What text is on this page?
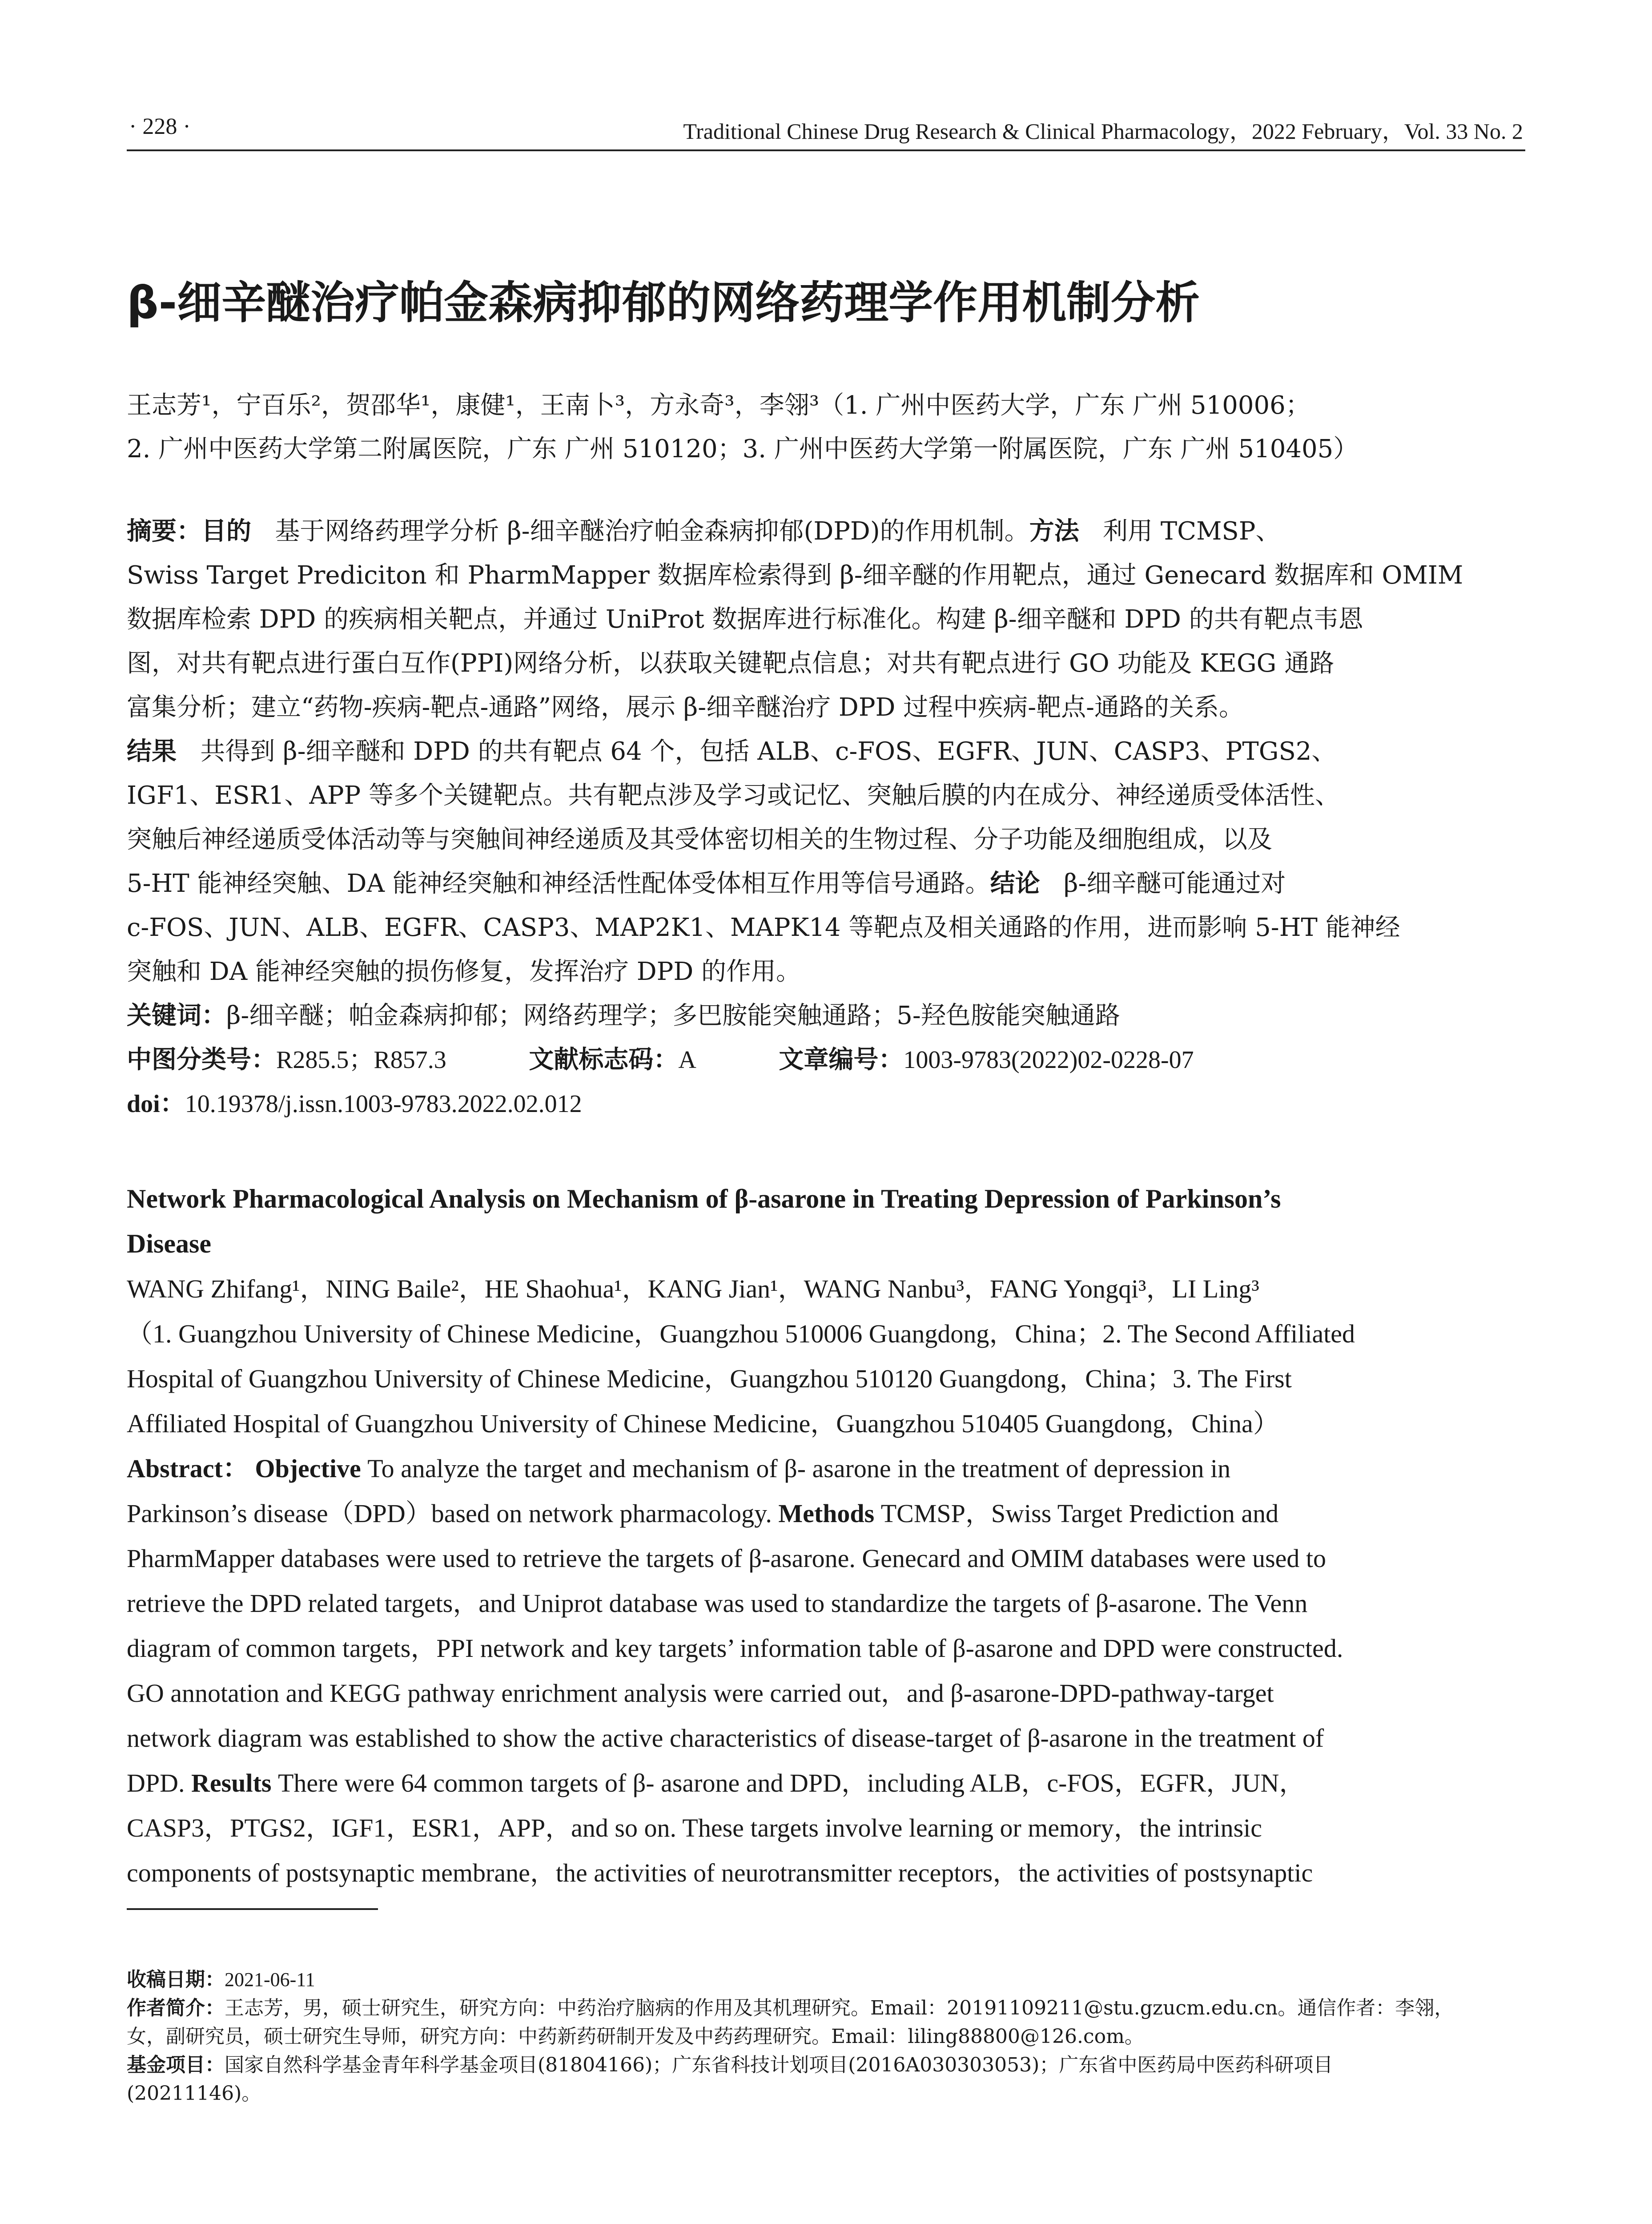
· 228 ·	Traditional Chinese Drug Research & Clinical Pharmacology，2022 February，Vol. 33 No. 2
β-细辛醚治疗帕金森病抑郁的网络药理学作用机制分析
王志芳¹，宁百乐²，贺邵华¹，康健¹，王南卜³，方永奇³，李翎³（1. 广州中医药大学，广东 广州 510006；
2. 广州中医药大学第二附属医院，广东 广州 510120；3. 广州中医药大学第一附属医院，广东 广州 510405）
摘要：目的 基于网络药理学分析 β-细辛醚治疗帕金森病抑郁(DPD)的作用机制。方法 利用 TCMSP、
Swiss Target Prediciton 和 PharmMapper 数据库检索得到 β-细辛醚的作用靶点，通过 Genecard 数据库和 OMIM
数据库检索 DPD 的疾病相关靶点，并通过 UniProt 数据库进行标准化。构建 β-细辛醚和 DPD 的共有靶点韦恩
图，对共有靶点进行蛋白互作(PPI)网络分析，以获取关键靶点信息；对共有靶点进行 GO 功能及 KEGG 通路
富集分析；建立“药物-疾病-靶点-通路”网络，展示 β-细辛醚治疗 DPD 过程中疾病-靶点-通路的关系。
结果 共得到 β-细辛醚和 DPD 的共有靶点 64 个，包括 ALB、c-FOS、EGFR、JUN、CASP3、PTGS2、
IGF1、ESR1、APP 等多个关键靶点。共有靶点涉及学习或记忆、突触后膜的内在成分、神经递质受体活性、
突触后神经递质受体活动等与突触间神经递质及其受体密切相关的生物过程、分子功能及细胞组成，以及
5-HT 能神经突触、DA 能神经突触和神经活性配体受体相互作用等信号通路。结论 β-细辛醚可能通过对
c-FOS、JUN、ALB、EGFR、CASP3、MAP2K1、MAPK14 等靶点及相关通路的作用，进而影响 5-HT 能神经
突触和 DA 能神经突触的损伤修复，发挥治疗 DPD 的作用。
关键词：β-细辛醚；帕金森病抑郁；网络药理学；多巴胺能突触通路；5-羟色胺能突触通路
中图分类号：R285.5；R857.3	文献标志码：A	文章编号：1003-9783(2022)02-0228-07
doi：10.19378/j.issn.1003-9783.2022.02.012
Network Pharmacological Analysis on Mechanism of β-asarone in Treating Depression of Parkinson’s
Disease
WANG Zhifang¹，NING Baile²，HE Shaohua¹，KANG Jian¹，WANG Nanbu³，FANG Yongqi³，LI Ling³
（1. Guangzhou University of Chinese Medicine，Guangzhou 510006 Guangdong，China；2. The Second Affiliated
Hospital of Guangzhou University of Chinese Medicine，Guangzhou 510120 Guangdong，China；3. The First
Affiliated Hospital of Guangzhou University of Chinese Medicine，Guangzhou 510405 Guangdong，China）
Abstract： Objective To analyze the target and mechanism of β- asarone in the treatment of depression in
Parkinson’s disease（DPD）based on network pharmacology. Methods TCMSP，Swiss Target Prediction and
PharmMapper databases were used to retrieve the targets of β-asarone. Genecard and OMIM databases were used to
retrieve the DPD related targets，and Uniprot database was used to standardize the targets of β-asarone. The Venn
diagram of common targets，PPI network and key targets’ information table of β-asarone and DPD were constructed.
GO annotation and KEGG pathway enrichment analysis were carried out，and β-asarone-DPD-pathway-target
network diagram was established to show the active characteristics of disease-target of β-asarone in the treatment of
DPD. Results There were 64 common targets of β- asarone and DPD，including ALB，c-FOS，EGFR，JUN，
CASP3，PTGS2，IGF1，ESR1，APP，and so on. These targets involve learning or memory，the intrinsic
components of postsynaptic membrane，the activities of neurotransmitter receptors，the activities of postsynaptic
收稿日期：2021-06-11
作者简介：王志芳，男，硕士研究生，研究方向：中药治疗脑病的作用及其机理研究。Email：20191109211@stu.gzucm.edu.cn。通信作者：李翎，
女，副研究员，硕士研究生导师，研究方向：中药新药研制开发及中药药理研究。Email：liling88800@126.com。
基金项目：国家自然科学基金青年科学基金项目(81804166)；广东省科技计划项目(2016A030303053)；广东省中医药局中医药科研项目
(20211146)。
